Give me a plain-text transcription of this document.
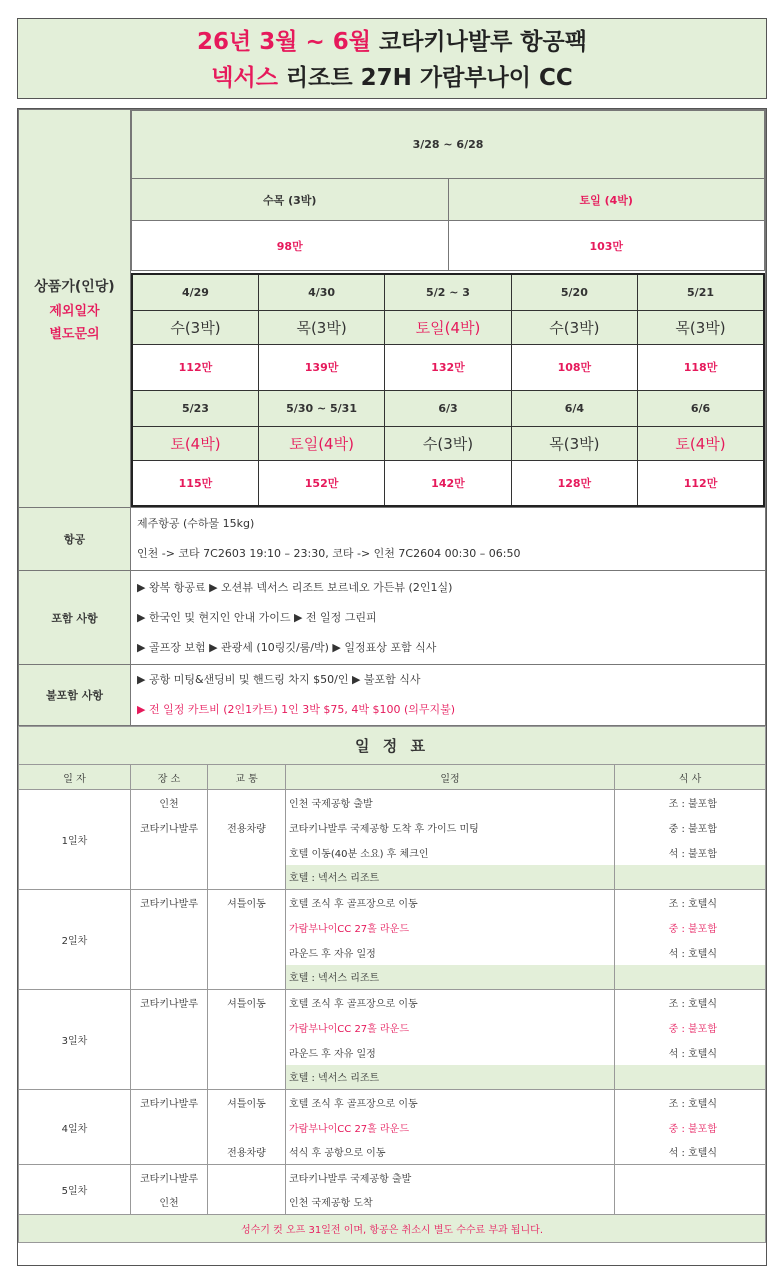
26년 3월 ~ 6월 코타키나발루 항공팩
넥서스 리조트 27H 가람부나이 CC
상품가(인당)
제외일자
별도문의

3/28 ~ 6/28
수목 (3박)	토일 (4박)
98만	103만
4/29	4/30	5/2 ~ 3	5/20	5/21
수(3박)	목(3박)	토일(4박)	수(3박)	목(3박)
112만	139만	132만	108만	118만
5/23	5/30 ~ 5/31	6/3	6/4	6/6
토(4박)	토일(4박)	수(3박)	목(3박)	토(4박)
115만	152만	142만	128만	112만

항공	
제주항공 (수하물 15kg)
인천 -> 코타 7C2603 19:10 – 23:30, 코타 -> 인천 7C2604 00:30 – 06:50

포함 사항	
▶ 왕복 항공료 ▶ 오션뷰 넥서스 리조트 보르네오 가든뷰 (2인1실)
▶ 한국인 및 현지인 안내 가이드 ▶ 전 일정 그린피
▶ 골프장 보험 ▶ 관광세 (10링깃/룸/박) ▶ 일정표상 포함 식사

불포함 사항	
▶ 공항 미팅&샌딩비 및 핸드링 차지 $50/인 ▶ 불포함 식사
▶ 전 일정 카트비 (2인1카트) 1인 3박 $75, 4박 $100 (의무지불)
일 정 표				
일 자	장 소	교 통	일정	식 사
1일차	인천		인천 국제공항 출발	조 : 불포함
	코타키나발루	전용차량	코타키나발루 국제공항 도착 후 가이드 미팅	중 : 불포함
			호텔 이동(40분 소요) 후 체크인	석 : 불포함
			호텔 : 넥서스 리조트	
2일차	코타키나발루	셔틀이동	호텔 조식 후 골프장으로 이동	조 : 호텔식
			가람부나이CC 27홀 라운드	중 : 불포함
			라운드 후 자유 일정	석 : 호텔식
			호텔 : 넥서스 리조트	
3일차	코타키나발루	셔틀이동	호텔 조식 후 골프장으로 이동	조 : 호텔식
			가람부나이CC 27홀 라운드	중 : 불포함
			라운드 후 자유 일정	석 : 호텔식
			호텔 : 넥서스 리조트	
4일차	코타키나발루	셔틀이동	호텔 조식 후 골프장으로 이동	조 : 호텔식
			가람부나이CC 27홀 라운드	중 : 불포함
		전용차량	석식 후 공항으로 이동	석 : 호텔식
5일차	코타키나발루		코타키나발루 국제공항 출발	
	인천		인천 국제공항 도착	
성수기 컷 오프 31일전 이며, 항공은 취소시 별도 수수료 부과 됩니다.				
